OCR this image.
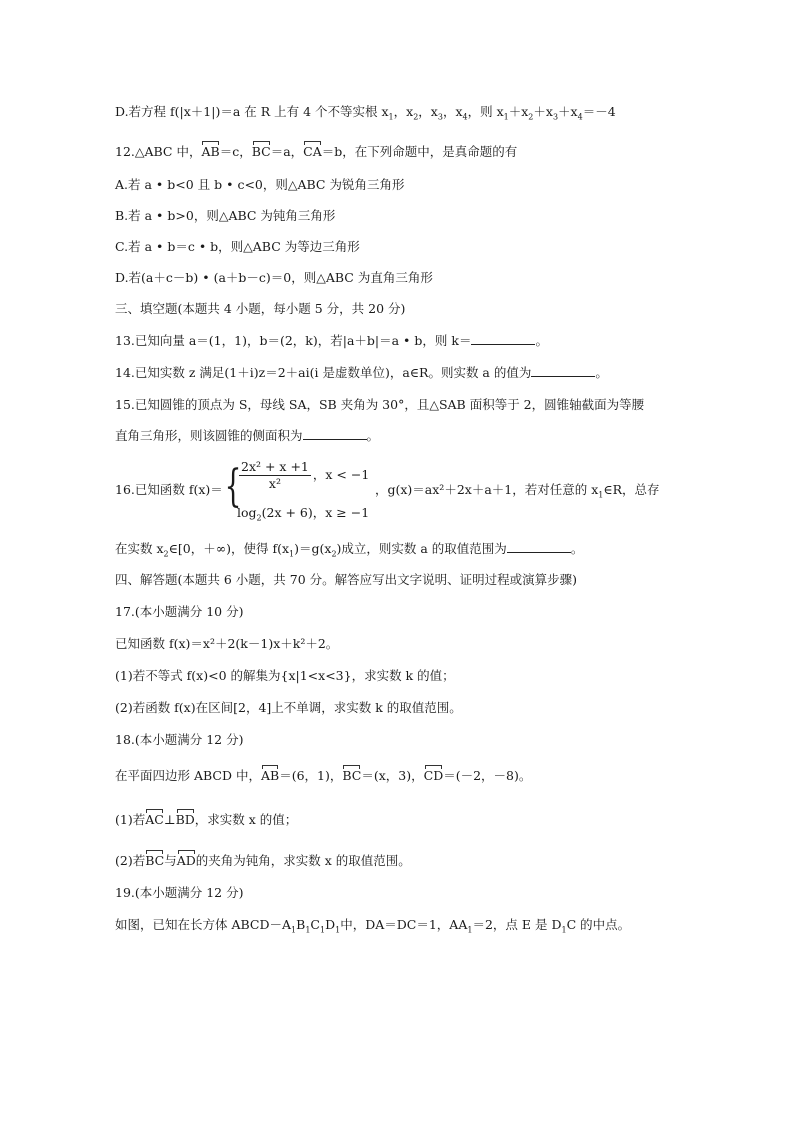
D.若方程 f(|x＋1|)＝a 在 R 上有 4 个不等实根 $x_1$，$x_2$，$x_3$，$x_4$，则 $x_1+x_2+x_3+x_4=-4$
12.△ABC 中，AB＝c，BC＝a，CA＝b，在下列命题中，是真命题的有
A.若 a • b<0 且 b • c<0，则△ABC 为锐角三角形
B.若 a • b>0，则△ABC 为钝角三角形
C.若 a • b＝c • b，则△ABC 为等边三角形
D.若(a＋c－b) • (a＋b－c)＝0，则△ABC 为直角三角形
三、填空题(本题共 4 小题，每小题 5 分，共 20 分)
13.已知向量 a＝(1，1)，b＝(2，k)，若|a＋b|＝a • b，则 k＝	。
14.已知实数 z 满足(1＋i)z＝2＋ai(i 是虚数单位)，a∈R。则实数 a 的值为	。
15.已知圆锥的顶点为 S，母线 SA，SB 夹角为 30°，且△SAB 面积等于 2，圆锥轴截面为等腰
直角三角形，则该圆锥的侧面积为	。
16.已知函数 f(x)＝ {
$\frac{\text{2x² + x +1}}{\text{x²}}$ ，x < −1
$\log_2(2x + 6)$，x ≥ −1
，g(x)＝ax²＋2x＋a＋1，若对任意的 $x_1\in R$，总存
在实数 $x_2\in[0$，＋∞)，使得 $f(x_1)=g(x_2)$成立，则实数 a 的取值范围为	。
四、解答题(本题共 6 小题，共 70 分。解答应写出文字说明、证明过程或演算步骤)
17.(本小题满分 10 分)
已知函数 f(x)＝x²＋2(k－1)x＋k²＋2。
(1)若不等式 f(x)<0 的解集为{x|1<x<3}，求实数 k 的值；
(2)若函数 f(x)在区间[2，4]上不单调，求实数 k 的取值范围。
18.(本小题满分 12 分)
在平面四边形 ABCD 中，AB＝(6，1)，BC＝(x，3)，CD＝(－2，－8)。
(1)若AC⊥BD，求实数 x 的值；
(2)若BC与AD的夹角为钝角，求实数 x 的取值范围。
19.(本小题满分 12 分)
如图，已知在长方体 $ABCD-A_1B_1C_1D_1$中，DA＝DC＝1，$AA_1=2$，点 E 是 $D_1C$ 的中点。
